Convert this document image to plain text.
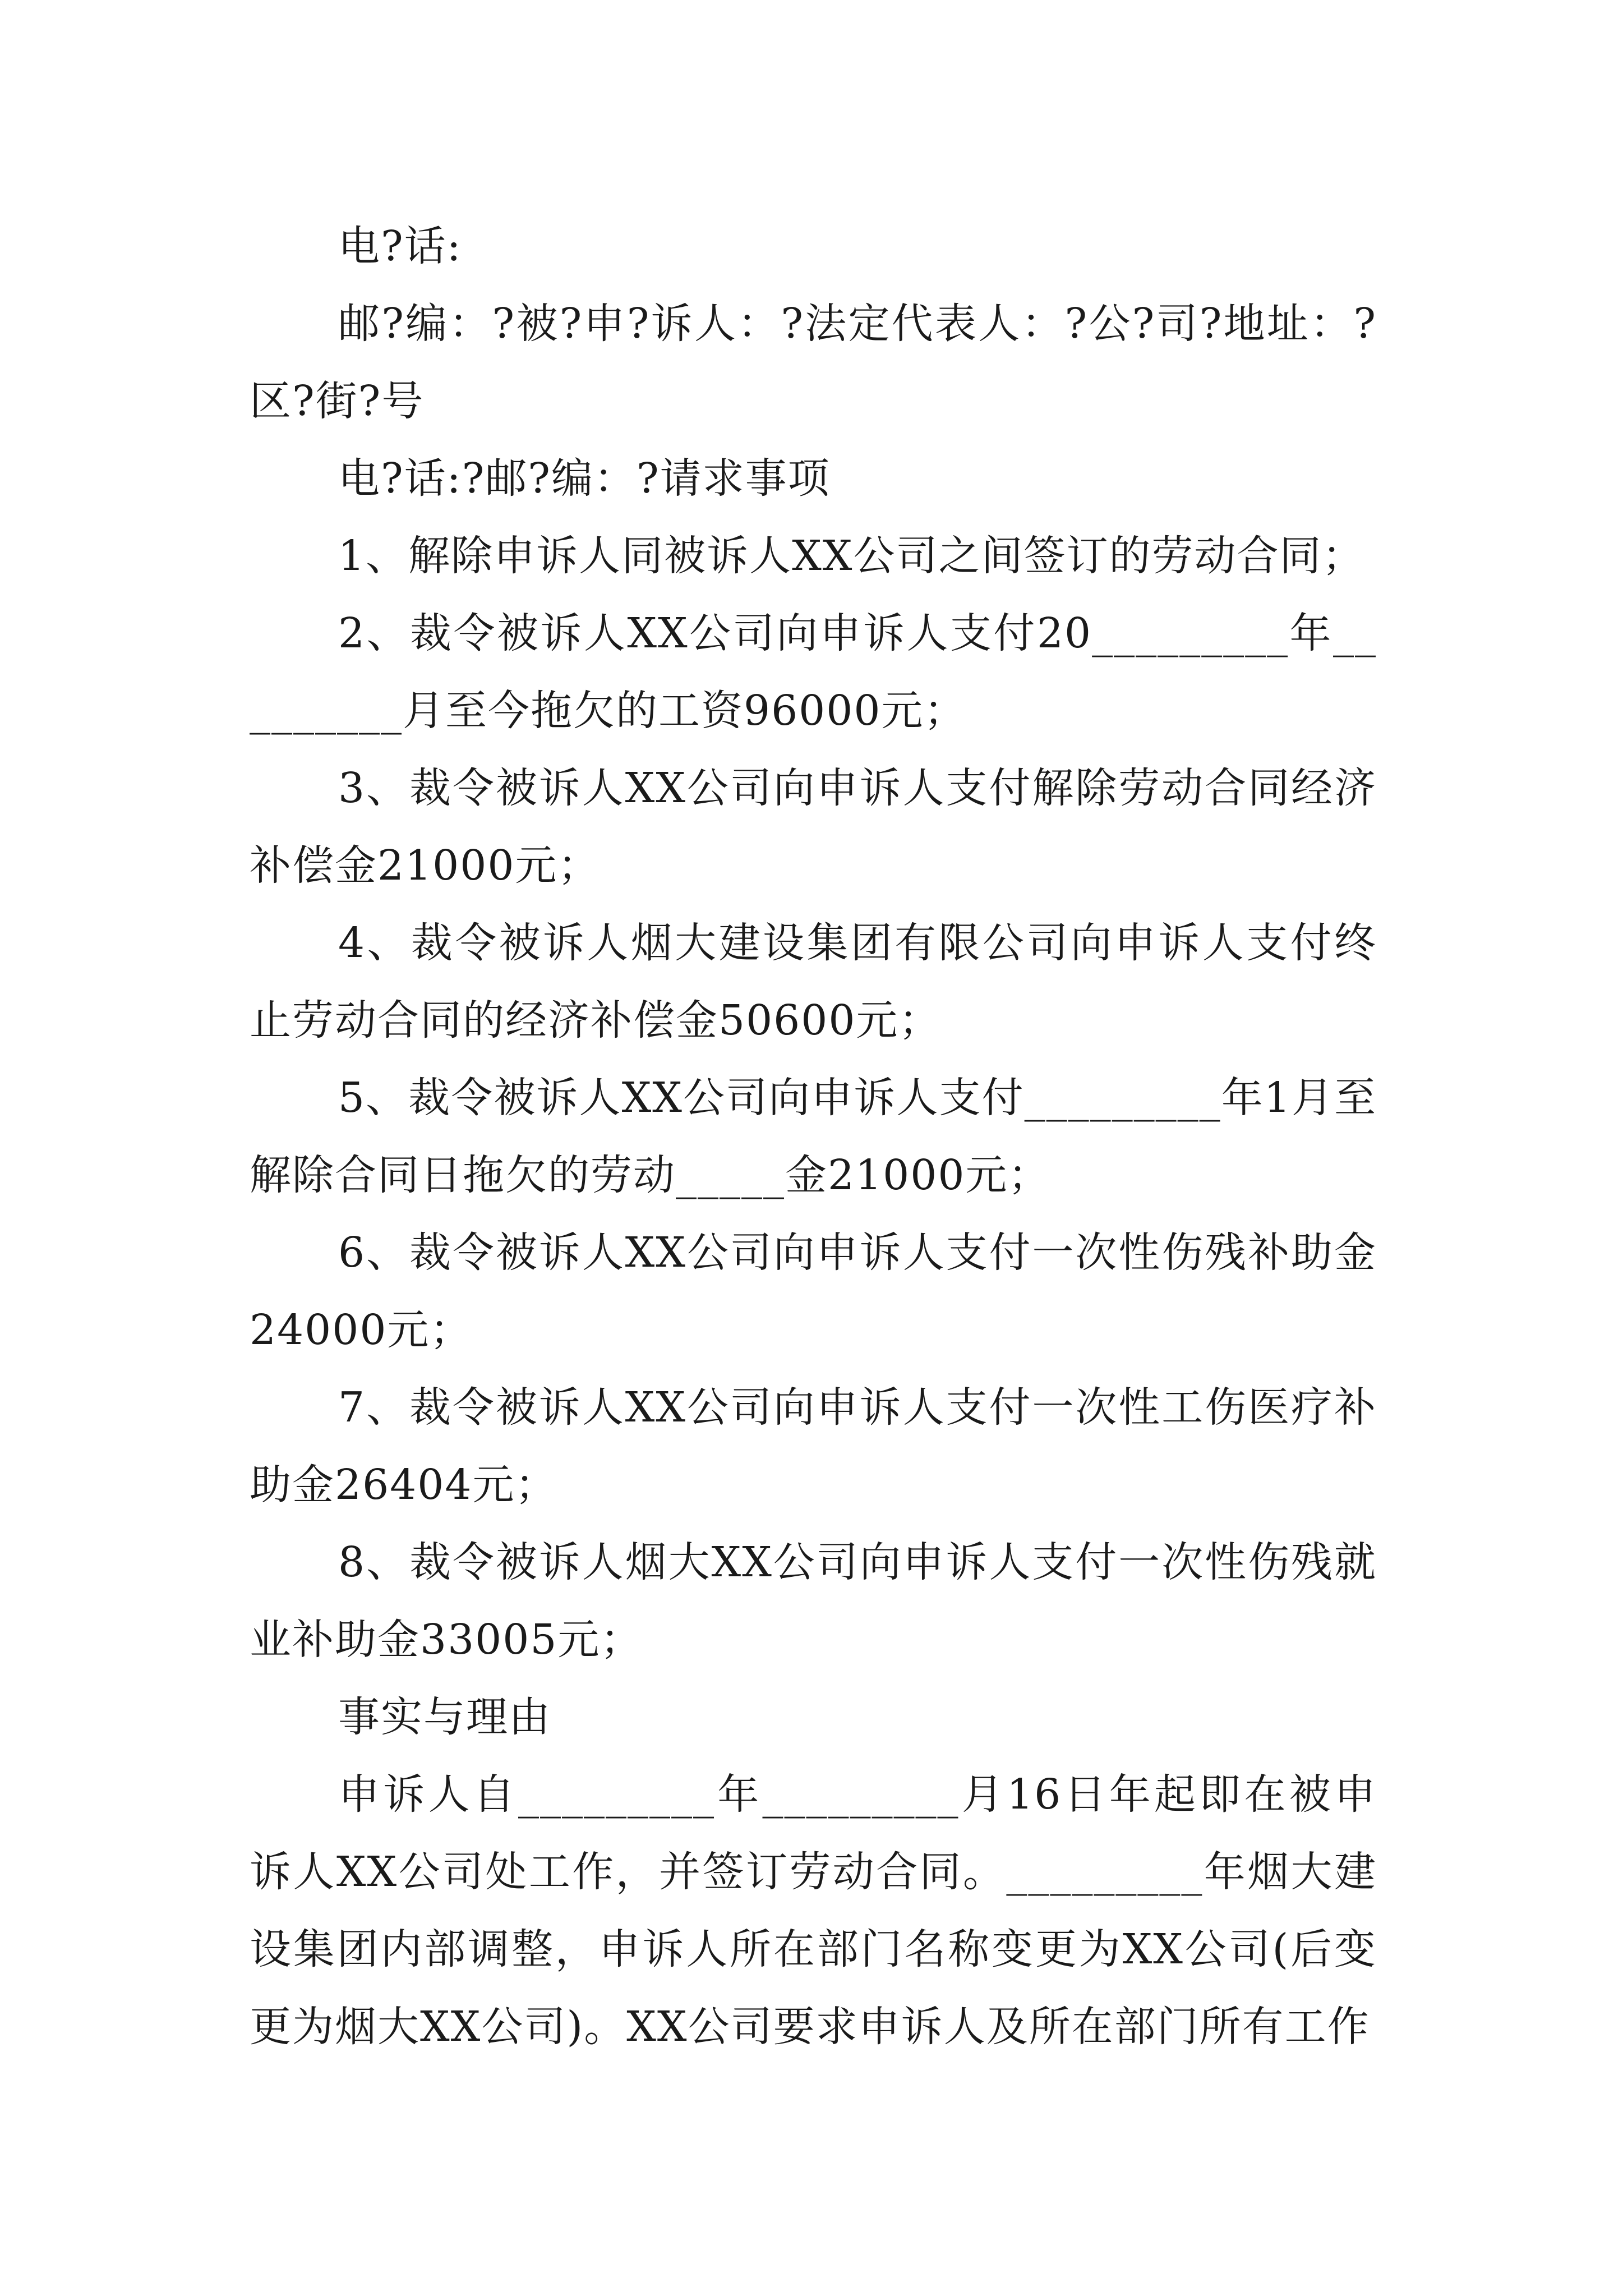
电?话:

邮?编：?被?申?诉人：?法定代表人：?公?司?地址：?区?街?号

电?话:?邮?编：?请求事项

1、解除申诉人同被诉人XX公司之间签订的劳动合同；

2、裁令被诉人XX公司向申诉人支付20_________年_________月至今拖欠的工资96000元；

3、裁令被诉人XX公司向申诉人支付解除劳动合同经济补偿金21000元；

4、裁令被诉人烟大建设集团有限公司向申诉人支付终止劳动合同的经济补偿金50600元；

5、裁令被诉人XX公司向申诉人支付_________年1月至解除合同日拖欠的劳动_____金21000元；

6、裁令被诉人XX公司向申诉人支付一次性伤残补助金24000元；

7、裁令被诉人XX公司向申诉人支付一次性工伤医疗补助金26404元；

8、裁令被诉人烟大XX公司向申诉人支付一次性伤残就业补助金33005元；

事实与理由

申诉人自_________年_________月16日年起即在被申诉人XX公司处工作，并签订劳动合同。_________年烟大建设集团内部调整，申诉人所在部门名称变更为XX公司(后变更为烟大XX公司)。XX公司要求申诉人及所在部门所有工作
